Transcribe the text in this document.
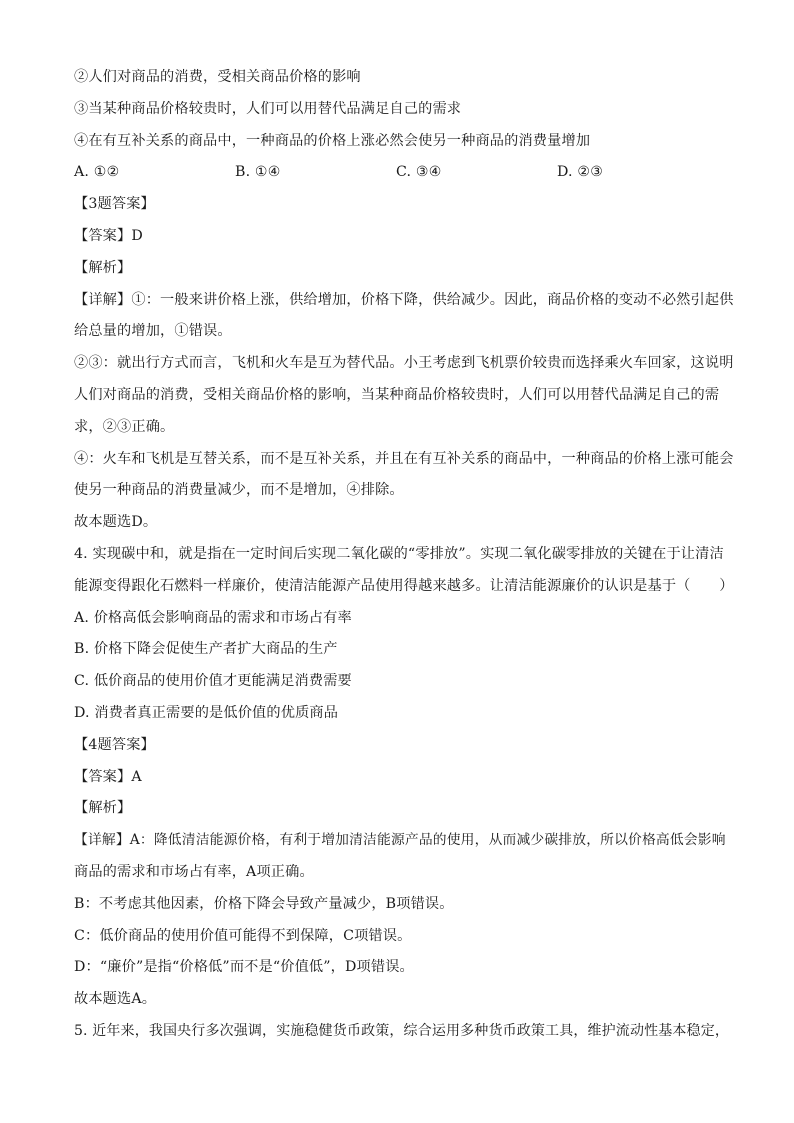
②人们对商品的消费，受相关商品价格的影响
③当某种商品价格较贵时，人们可以用替代品满足自己的需求
④在有互补关系的商品中，一种商品的价格上涨必然会使另一种商品的消费量增加
A. ①②	B. ①④	C. ③④	D. ②③
【3题答案】
【答案】D
【解析】
【详解】①：一般来讲价格上涨，供给增加，价格下降，供给减少。因此，商品价格的变动不必然引起供
给总量的增加，①错误。
②③：就出行方式而言，飞机和火车是互为替代品。小王考虑到飞机票价较贵而选择乘火车回家，这说明
人们对商品的消费，受相关商品价格的影响，当某种商品价格较贵时，人们可以用替代品满足自己的需
求，②③正确。
④：火车和飞机是互替关系，而不是互补关系，并且在有互补关系的商品中，一种商品的价格上涨可能会
使另一种商品的消费量减少，而不是增加，④排除。
故本题选D。
4. 实现碳中和，就是指在一定时间后实现二氧化碳的“零排放”。实现二氧化碳零排放的关键在于让清洁
能源变得跟化石燃料一样廉价，使清洁能源产品使用得越来越多。让清洁能源廉价的认识是基于（　　）
A. 价格高低会影响商品的需求和市场占有率
B. 价格下降会促使生产者扩大商品的生产
C. 低价商品的使用价值才更能满足消费需要
D. 消费者真正需要的是低价值的优质商品
【4题答案】
【答案】A
【解析】
【详解】A：降低清洁能源价格，有利于增加清洁能源产品的使用，从而减少碳排放，所以价格高低会影响
商品的需求和市场占有率，A项正确。
B：不考虑其他因素，价格下降会导致产量减少，B项错误。
C：低价商品的使用价值可能得不到保障，C项错误。
D：“廉价”是指“价格低”而不是“价值低”，D项错误。
故本题选A。
5. 近年来，我国央行多次强调，实施稳健货币政策，综合运用多种货币政策工具，维护流动性基本稳定，
